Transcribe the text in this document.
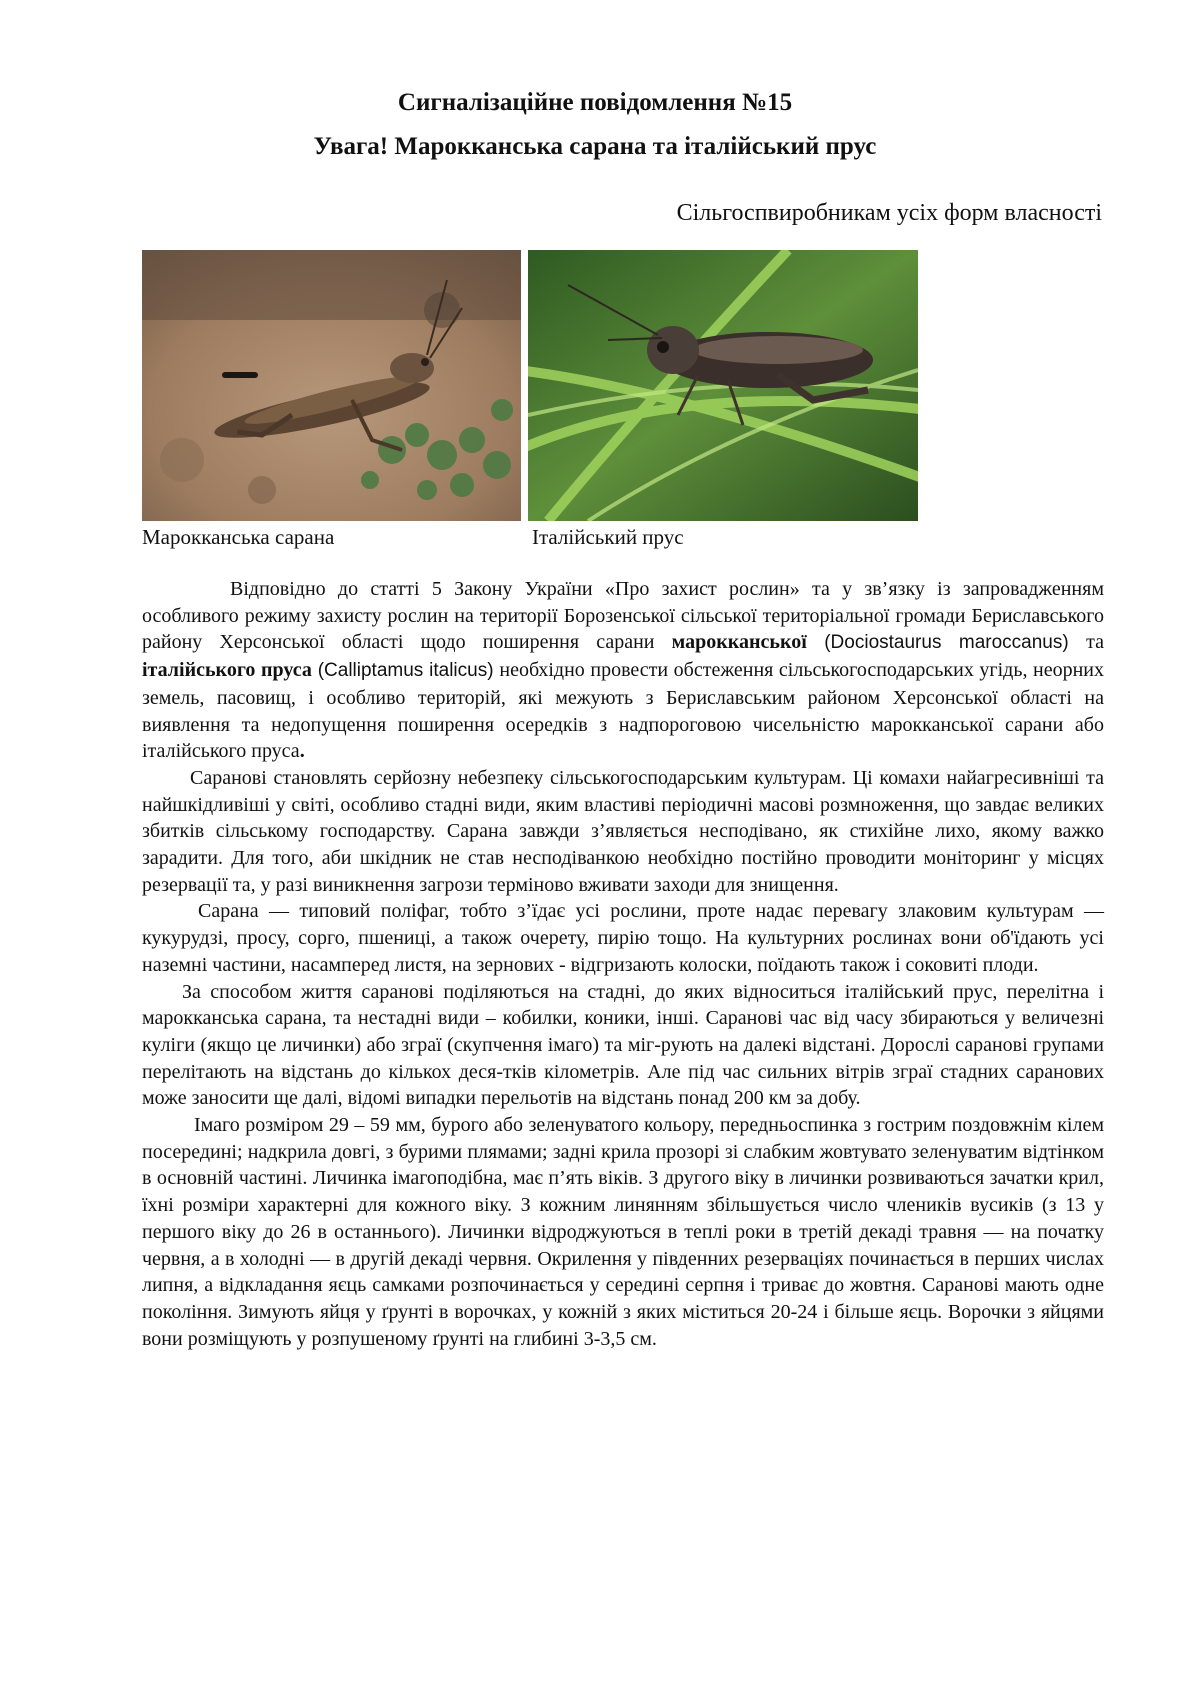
Сигналізаційне повідомлення №15
Увага! Марокканська сарана та італійський прус

Сільгоспвиробникам усіх форм власності

Марокканська сарана	Італійський прус

Відповідно до статті 5 Закону України «Про захист рослин» та у зв’язку із запровадженням особливого режиму захисту рослин на території Борозенської сільської територіальної громади Бериславського району Херсонської області щодо поширення сарани марокканської (Dociostaurus maroccanus) та італійського пруса (Calliptamus italicus) необхідно провести обстеження сільськогосподарських угідь, неорних земель, пасовищ, і особливо територій, які межують з Бериславським районом Херсонської області на виявлення та недопущення поширення осередків з надпороговою чисельністю марокканської сарани або італійського пруса.

Саранові становлять серйозну небезпеку сільськогосподарським культурам. Ці комахи найагресивніші та найшкідливіші у світі, особливо стадні види, яким властиві періодичні масові розмноження, що завдає великих збитків сільському господарству. Сарана завжди з’являється несподівано, як стихійне лихо, якому важко зарадити. Для того, аби шкідник не став несподіванкою необхідно постійно проводити моніторинг у місцях резервації та, у разі виникнення загрози терміново вживати заходи для знищення.

Сарана — типовий поліфаг, тобто з’їдає усі рослини, проте надає перевагу злаковим культурам — кукурудзі, просу, сорго, пшениці, а також очерету, пирію тощо. На культурних рослинах вони об'їдають усі наземні частини, насамперед листя, на зернових - відгризають колоски, поїдають також і соковиті плоди.

За способом життя саранові поділяються на стадні, до яких відноситься італійський прус, перелітна і марокканська сарана, та нестадні види – кобилки, коники, інші. Саранові час від часу збираються у величезні куліги (якщо це личинки) або зграї (скупчення імаго) та міг-рують на далекі відстані. Дорослі саранові групами перелітають на відстань до кількох деся-тків кілометрів. Але під час сильних вітрів зграї стадних саранових може заносити ще далі, відомі випадки перельотів на відстань понад 200 км за добу.

Імаго розміром 29 – 59 мм, бурого або зеленуватого кольору, передньоспинка з гострим поздовжнім кілем посередині; надкрила довгі, з бурими плямами; задні крила прозорі зі слабким жовтувато зеленуватим відтінком в основній частині. Личинка імагоподібна, має п’ять віків. З другого віку в личинки розвиваються зачатки крил, їхні розміри характерні для кожного віку. З кожним линянням збільшується число члеників вусиків (з 13 у першого віку до 26 в останнього). Личинки відроджуються в теплі роки в третій декаді травня — на початку червня, а в холодні — в другій декаді червня. Окрилення у південних резерваціях починається в перших числах липня, а відкладання яєць самками розпочинається у середині серпня і триває до жовтня. Саранові мають одне покоління. Зимують яйця у ґрунті в ворочках, у кожній з яких міститься 20-24 і більше яєць. Ворочки з яйцями вони розміщують у розпушеному ґрунті на глибині 3-3,5 см.
